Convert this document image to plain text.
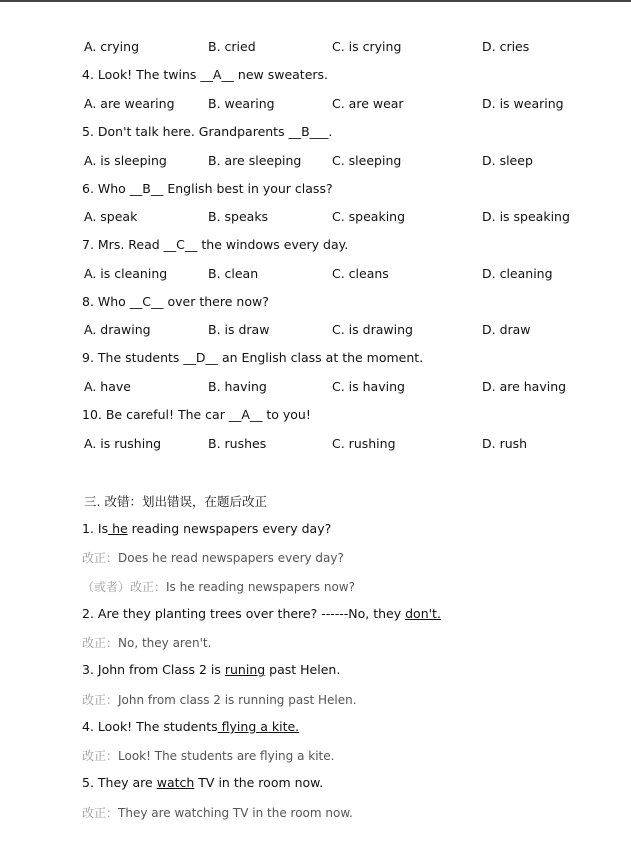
A. crying	B. cried	C. is crying	D. cries
4. Look! The twins __A__ new sweaters.
A. are wearing	B. wearing	C. are wear	D. is wearing
5. Don't talk here. Grandparents __B___.
A. is sleeping	B. are sleeping C. sleeping	D. sleep
6. Who __B__ English best in your class?
A. speak	B. speaks	C. speaking	D. is speaking
7. Mrs. Read __C__ the windows every day.
A. is cleaning	B. clean	C. cleans	D. cleaning
8. Who __C__ over there now?
A. drawing	B. is draw	C. is drawing	D. draw
9. The students __D__ an English class at the moment.
A. have	B. having	C. is having	D. are having
10. Be careful! The car __A__ to you!
A. is rushing	B. rushes	C. rushing	D. rush
三. 改错：划出错误，在题后改正
1. Is he reading newspapers every day?
改正：Does he read newspapers every day?
（或者）改正：Is he reading newspapers now?
2. Are they planting trees over there? ------No, they don't.
改正：No, they aren't.
3. John from Class 2 is runing past Helen.
改正：John from class 2 is running past Helen.
4. Look! The students flying a kite.
改正：Look! The students are flying a kite.
5. They are watch TV in the room now.
改正：They are watching TV in the room now.
